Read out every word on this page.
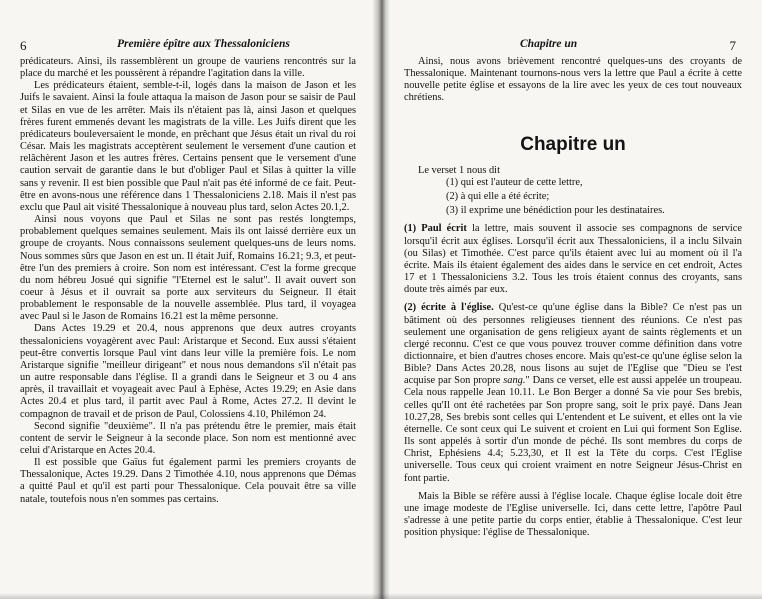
6	Première épître aux Thessaloniciens

prédicateurs. Ainsi, ils rassemblèrent un groupe de vauriens rencontrés sur la place du marché et les poussèrent à répandre l'agitation dans la ville.

Les prédicateurs étaient, semble-t-il, logés dans la maison de Jason et les Juifs le savaient. Ainsi la foule attaqua la maison de Jason pour se saisir de Paul et Silas en vue de les arrêter. Mais ils n'étaient pas là, ainsi Jason et quelques frères furent emmenés devant les magistrats de la ville. Les Juifs dirent que les prédicateurs bouleversaient le monde, en prêchant que Jésus était un rival du roi César. Mais les magistrats acceptèrent seulement le versement d'une caution et relâchèrent Jason et les autres frères. Certains pensent que le versement d'une caution servait de garantie dans le but d'obliger Paul et Silas à quitter la ville sans y revenir. Il est bien possible que Paul n'ait pas été informé de ce fait. Peut-être en avons-nous une référence dans 1 Thessaloniciens 2.18. Mais il n'est pas exclu que Paul ait visité Thessalonique à nouveau plus tard, selon Actes 20.1,2.

Ainsi nous voyons que Paul et Silas ne sont pas restés longtemps, probablement quelques semaines seulement. Mais ils ont laissé derrière eux un groupe de croyants. Nous connaissons seulement quelques-uns de leurs noms. Nous sommes sûrs que Jason en est un. Il était Juif, Romains 16.21; 9.3, et peut-être l'un des premiers à croire. Son nom est intéressant. C'est la forme grecque du nom hébreu Josué qui signifie "l'Eternel est le salut". Il avait ouvert son coeur à Jésus et il ouvrait sa porte aux serviteurs du Seigneur. Il était probablement le responsable de la nouvelle assemblée. Plus tard, il voyagea avec Paul si le Jason de Romains 16.21 est la même personne.

Dans Actes 19.29 et 20.4, nous apprenons que deux autres croyants thessaloniciens voyagèrent avec Paul: Aristarque et Second. Eux aussi s'étaient peut-être convertis lorsque Paul vint dans leur ville la première fois. Le nom Aristarque signifie "meilleur dirigeant" et nous nous demandons s'il n'était pas un autre responsable dans l'église. Il a grandi dans le Seigneur et 3 ou 4 ans après, il travaillait et voyageait avec Paul à Ephèse, Actes 19.29; en Asie dans Actes 20.4 et plus tard, il partit avec Paul à Rome, Actes 27.2. Il devint le compagnon de travail et de prison de Paul, Colossiens 4.10, Philémon 24.

Second signifie "deuxième". Il n'a pas prétendu être le premier, mais était content de servir le Seigneur à la seconde place. Son nom est mentionné avec celui d'Aristarque en Actes 20.4.

Il est possible que Gaïus fut également parmi les premiers croyants de Thessalonique, Actes 19.29. Dans 2 Timothée 4.10, nous apprenons que Démas a quitté Paul et qu'il est parti pour Thessalonique. Cela pouvait être sa ville natale, toutefois nous n'en sommes pas certains.

Chapitre un	7

Ainsi, nous avons brièvement rencontré quelques-uns des croyants de Thessalonique. Maintenant tournons-nous vers la lettre que Paul a écrite à cette nouvelle petite église et essayons de la lire avec les yeux de ces tout nouveaux chrétiens.

Chapitre un

Le verset 1 nous dit

(1) qui est l'auteur de cette lettre,
(2) à qui elle a été écrite;
(3) il exprime une bénédiction pour les destinataires.

(1) Paul écrit la lettre, mais souvent il associe ses compagnons de service lorsqu'il écrit aux églises. Lorsqu'il écrit aux Thessaloniciens, il a inclu Silvain (ou Silas) et Timothée. C'est parce qu'ils étaient avec lui au moment où il l'a écrite. Mais ils étaient également des aides dans le service en cet endroit, Actes 17 et 1 Thessaloniciens 3.2. Tous les trois étaient connus des croyants, sans doute très aimés par eux.

(2) écrite à l'église. Qu'est-ce qu'une église dans la Bible? Ce n'est pas un bâtiment où des personnes religieuses tiennent des réunions. Ce n'est pas seulement une organisation de gens religieux ayant de saints règlements et un clergé reconnu. C'est ce que vous pouvez trouver comme définition dans votre dictionnaire, et bien d'autres choses encore. Mais qu'est-ce qu'une église selon la Bible? Dans Actes 20.28, nous lisons au sujet de l'Eglise que "Dieu se l'est acquise par Son propre sang." Dans ce verset, elle est aussi appelée un troupeau. Cela nous rappelle Jean 10.11. Le Bon Berger a donné Sa vie pour Ses brebis, celles qu'Il ont été rachetées par Son propre sang, soit le prix payé. Dans Jean 10.27,28, Ses brebis sont celles qui L'entendent et Le suivent, et elles ont la vie éternelle. Ce sont ceux qui Le suivent et croient en Lui qui forment Son Eglise. Ils sont appelés à sortir d'un monde de péché. Ils sont membres du corps de Christ, Ephésiens 4.4; 5.23,30, et Il est la Tête du corps. C'est l'Eglise universelle. Tous ceux qui croient vraiment en notre Seigneur Jésus-Christ en font partie.

Mais la Bible se réfère aussi à l'église locale. Chaque église locale doit être une image modeste de l'Eglise universelle. Ici, dans cette lettre, l'apôtre Paul s'adresse à une petite partie du corps entier, établie à Thessalonique. C'est leur position physique: l'église de Thessalonique.
